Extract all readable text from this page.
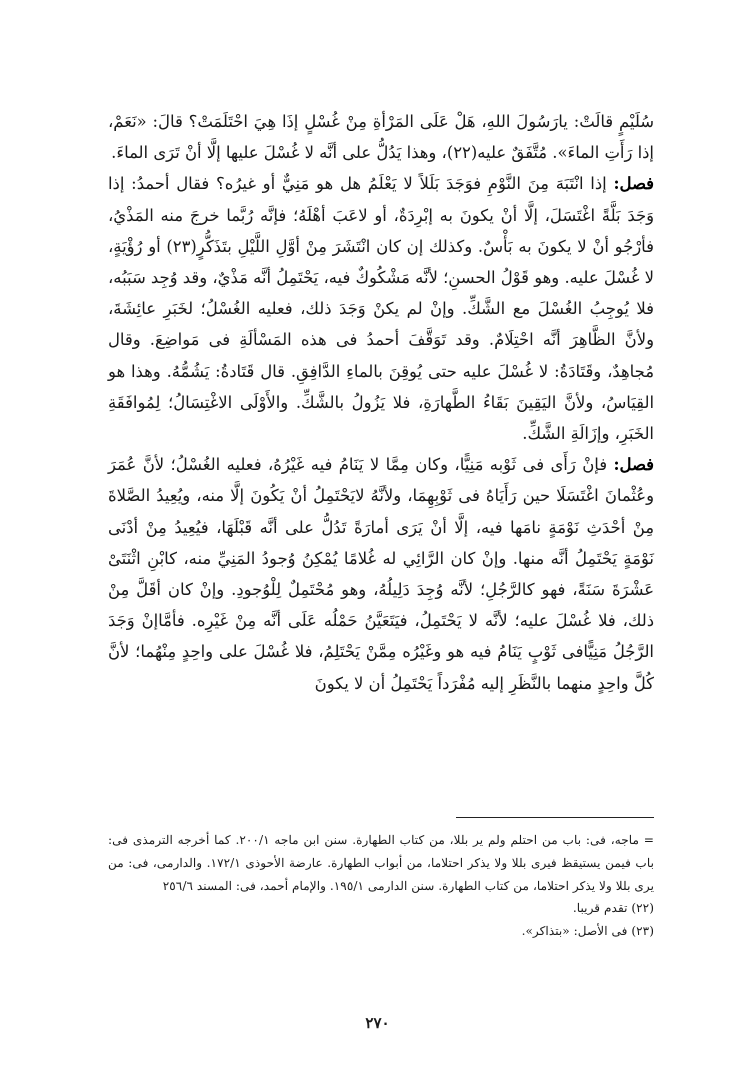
سُلَيْمٍ قالَتْ: يارَسُولَ اللهِ، هَلْ عَلَى المَرْأةِ مِنْ غُسْلٍ إذَا هِيَ احْتَلَمَتْ؟ قالَ: «نَعَمْ، إذا رَأَتِ الماءَ». مُتَّفَقٌ عليه(٢٢)، وهذا يَدُلُّ على أنَّه لا غُسْلَ عليها إلَّا أنْ تَرَى الماءَ.

فصل: إذا انْتَبَهَ مِنَ النَّوْمِ فوَجَدَ بَلَلاً لا يَعْلَمُ هل هو مَنِيٌّ أو غيرُه؟ فقال أحمدُ: إذا وَجَدَ بَلَّةً اغْتَسَلَ، إلَّا أنْ يكونَ به إبْرِدَةٌ، أو لاعَبَ أهْلَهُ؛ فإنَّه رُبَّما خرجَ منه المَذْيُ، فأرْجُو أنْ لا يكونَ به بَأْسٌ. وكذلك إن كان انْتَشَرَ مِنْ أوَّلِ اللَّيْلِ بتَذَكُّرٍ(٢٣) أو رُؤْيَةٍ، لا غُسْلَ عليه. وهو قَوْلُ الحسنِ؛ لأنَّه مَشْكُوكٌ فيه، يَحْتَمِلُ أنَّه مَذْيٌ، وقد وُجِد سَبَبُه، فلا يُوجِبُ الغُسْلَ مع الشَّكِّ. وإنْ لم يكنْ وَجَدَ ذلك، فعليه الغُسْلُ؛ لخَبَرِ عائِشَةَ، ولأنَّ الظَّاهِرَ أنَّه احْتِلَامٌ. وقد تَوَقَّفَ أحمدُ فى هذه المَسْألَةِ فى مَواضِعَ. وقال مُجاهِدٌ، وقَتَادَةُ: لا غُسْلَ عليه حتى يُوقِنَ بالماءِ الدَّافِقِ. قال قَتَادةُ: يَشُمُّهُ. وهذا هو القِيَاسُ، ولأنَّ اليَقِينَ بَقَاءُ الطَّهارَةِ، فلا يَزُولُ بالشَّكِّ. والأَوْلَى الاغْتِسَالُ؛ لِمُوافَقَةِ الخَبَرِ، وإزَالَةِ الشَّكِّ.

فصل: فإنْ رَأَى فى ثَوْبه مَنِيًّا، وكان مِمَّا لا يَنَامُ فيه غَيْرُهُ، فعليه الغُسْلُ؛ لأنَّ عُمَرَ وعُثْمانَ اغْتَسَلَا حين رَأَيَاهُ فى ثَوْبِهِمَا، ولأنَّهُ لايَحْتَمِلُ أنْ يَكُونَ إلَّا منه، ويُعِيدُ الصَّلاةَ مِنْ أحْدَثِ نَوْمَةٍ نامَها فيه، إلَّا أنْ يَرَى أمارَةً تَدُلُّ على أنَّه قَبْلَهَا، فيُعِيدُ مِنْ أدْنَى نَوْمَةٍ يَحْتَمِلُ أنَّه منها. وإنْ كان الرَّائِي له غُلامًا يُمْكِنُ وُجودُ المَنِيِّ منه، كابْنِ اثْنَتَىْ عَشْرَةَ سَنَةً، فهو كالرَّجُلِ؛ لأنَّه وُجِدَ دَلِيلُهُ، وهو مُحْتَمِلٌ لِلْوُجودِ. وإنْ كان أقَلَّ مِنْ ذلك، فلا غُسْلَ عليه؛ لأنَّه لا يَحْتَمِلُ، فيَتَعَيَّنُ حَمْلُه عَلَى أنَّه مِنْ غَيْرِه. فأمَّاإنْ وَجَدَ الرَّجُلُ مَنِيًّافى ثَوْبٍ يَنَامُ فيه هو وغَيْرُه مِمَّنْ يَحْتَلِمُ، فلا غُسْلَ على واحِدٍ مِنْهُما؛ لأنَّ كُلَّ واحِدٍ منهما بالنَّظَرِ إليه مُفْرَداً يَحْتَمِلُ أن لا يكونَ

= ماجه، فى: باب من احتلم ولم ير بللا، من كتاب الطهارة. سنن ابن ماجه ٢٠٠/١. كما أخرجه الترمذى فى: باب فيمن يستيقظ فيرى بللا ولا يذكر احتلاما، من أبواب الطهارة. عارضة الأحوذى ١٧٢/١. والدارمى، فى: من يرى بللا ولا يذكر احتلاما، من كتاب الطهارة. سنن الدارمى ١٩٥/١. والإمام أحمد، فى: المسند ٢٥٦/٦

(٢٢) تقدم قريبا.

(٢٣) فى الأصل: «بتذاكر».

٢٧٠
